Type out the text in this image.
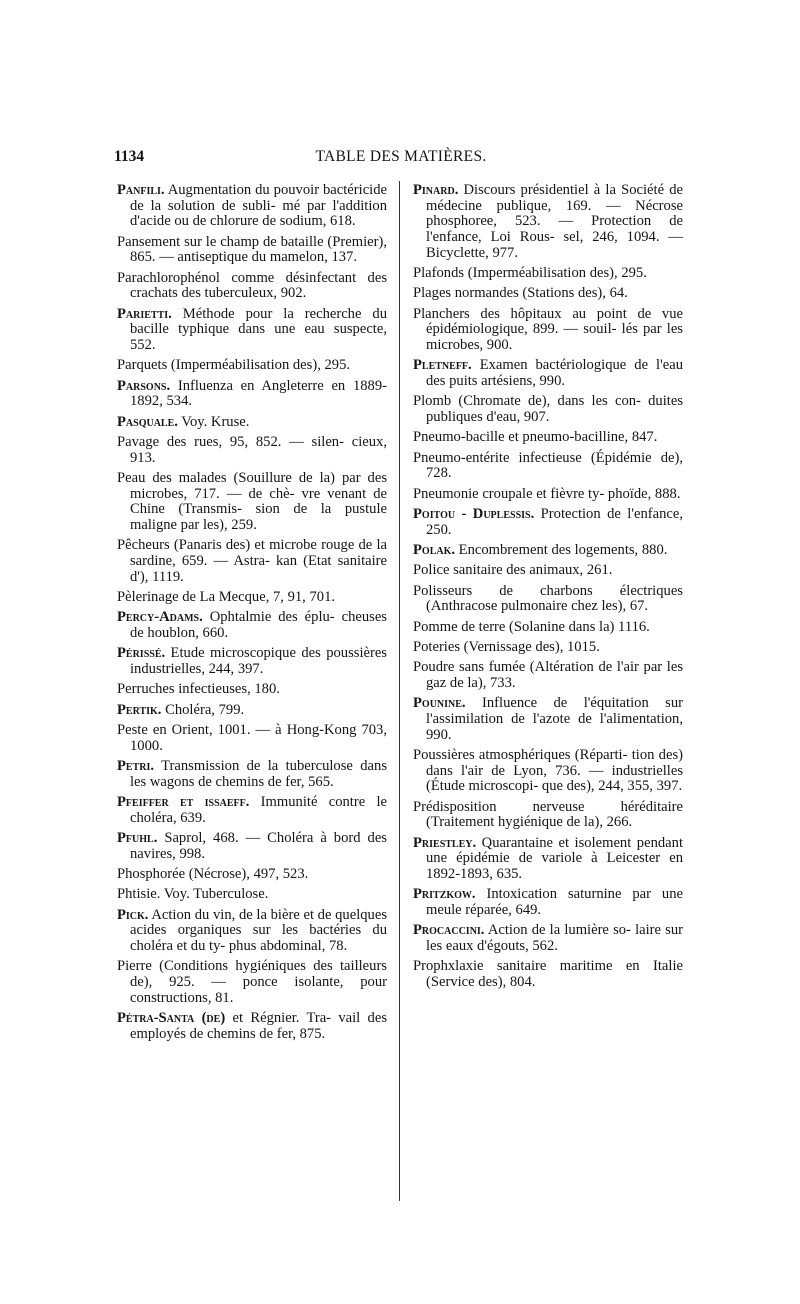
1134	TABLE DES MATIÈRES.

Panfili. Augmentation du pouvoir bactéricide de la solution de subli- mé par l'addition d'acide ou de chlorure de sodium, 618.

Pansement sur le champ de bataille (Premier), 865. — antiseptique du mamelon, 137.

Parachlorophénol comme désinfectant des crachats des tuberculeux, 902.

Parietti. Méthode pour la recherche du bacille typhique dans une eau suspecte, 552.

Parquets (Imperméabilisation des), 295.

Parsons. Influenza en Angleterre en 1889-1892, 534.

Pasquale. Voy. Kruse.

Pavage des rues, 95, 852. — silen- cieux, 913.

Peau des malades (Souillure de la) par des microbes, 717. — de chè- vre venant de Chine (Transmis- sion de la pustule maligne par les), 259.

Pêcheurs (Panaris des) et microbe rouge de la sardine, 659. — Astra- kan (Etat sanitaire d'), 1119.

Pèlerinage de La Mecque, 7, 91, 701.

Percy-Adams. Ophtalmie des éplu- cheuses de houblon, 660.

Périssé. Etude microscopique des poussières industrielles, 244, 397.

Perruches infectieuses, 180.

Pertik. Choléra, 799.

Peste en Orient, 1001. — à Hong-Kong 703, 1000.

Petri. Transmission de la tuberculose dans les wagons de chemins de fer, 565.

Pfeiffer et issaeff. Immunité contre le choléra, 639.

Pfuhl. Saprol, 468. — Choléra à bord des navires, 998.

Phosphorée (Nécrose), 497, 523.

Phtisie. Voy. Tuberculose.

Pick. Action du vin, de la bière et de quelques acides organiques sur les bactéries du choléra et du ty- phus abdominal, 78.

Pierre (Conditions hygiéniques des tailleurs de), 925. — ponce isolante, pour constructions, 81.

Pétra-Santa (de) et Régnier. Tra- vail des employés de chemins de fer, 875.

Pinard. Discours présidentiel à la Société de médecine publique, 169. — Nécrose phosphoree, 523. — Protection de l'enfance, Loi Rous- sel, 246, 1094. — Bicyclette, 977.

Plafonds (Imperméabilisation des), 295.

Plages normandes (Stations des), 64.

Planchers des hôpitaux au point de vue épidémiologique, 899. — souil- lés par les microbes, 900.

Pletneff. Examen bactériologique de l'eau des puits artésiens, 990.

Plomb (Chromate de), dans les con- duites publiques d'eau, 907.

Pneumo-bacille et pneumo-bacilline, 847.

Pneumo-entérite infectieuse (Épidémie de), 728.

Pneumonie croupale et fièvre ty- phoïde, 888.

Poitou - Duplessis. Protection de l'enfance, 250.

Polak. Encombrement des logements, 880.

Police sanitaire des animaux, 261.

Polisseurs de charbons électriques (Anthracose pulmonaire chez les), 67.

Pomme de terre (Solanine dans la) 1116.

Poteries (Vernissage des), 1015.

Poudre sans fumée (Altération de l'air par les gaz de la), 733.

Pounine. Influence de l'équitation sur l'assimilation de l'azote de l'alimentation, 990.

Poussières atmosphériques (Réparti- tion des) dans l'air de Lyon, 736. — industrielles (Étude microscopi- que des), 244, 355, 397.

Prédisposition nerveuse héréditaire (Traitement hygiénique de la), 266.

Priestley. Quarantaine et isolement pendant une épidémie de variole à Leicester en 1892-1893, 635.

Pritzkow. Intoxication saturnine par une meule réparée, 649.

Procaccini. Action de la lumière so- laire sur les eaux d'égouts, 562.

Prophxlaxie sanitaire maritime en Italie (Service des), 804.
